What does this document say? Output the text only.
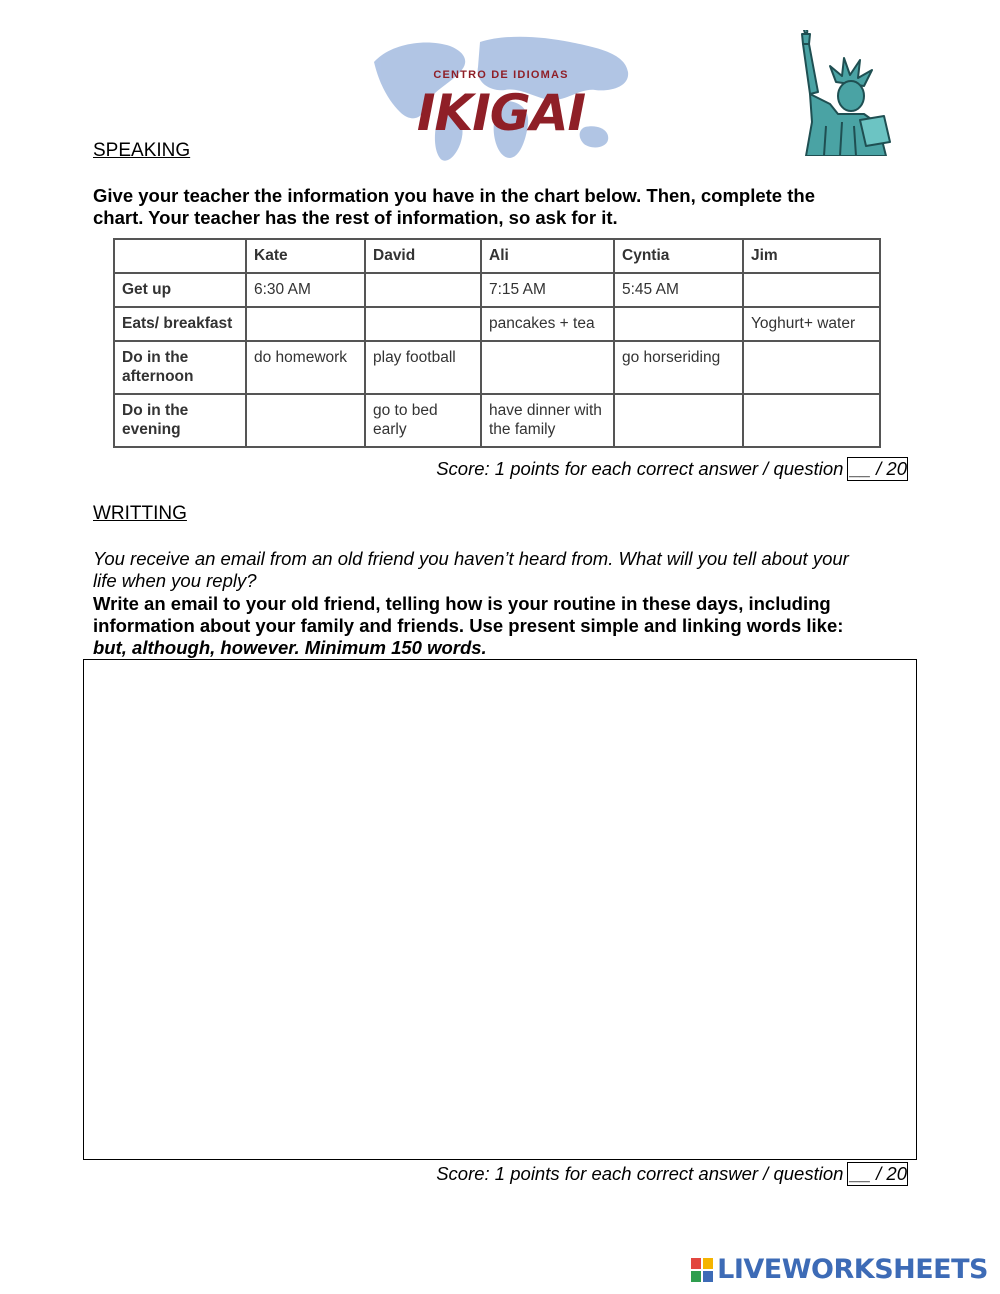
CENTRO DE IDIOMAS
IKIGAI
SPEAKING
Give your teacher the information you have in the chart below. Then, complete the
chart. Your teacher has the rest of information, so ask for it.
	Kate	David	Ali	Cyntia	Jim
Get up	6:30 AM		7:15 AM	5:45 AM	
Eats/ breakfast			pancakes + tea		Yoghurt+ water
Do in the afternoon	do homework	play football		go horseriding	
Do in the evening		go to bed early	have dinner with the family		
Score: 1 points for each correct answer / question __ / 20
WRITTING
You receive an email from an old friend you haven’t heard from. What will you tell about your
life when you reply?
Write an email to your old friend, telling how is your routine in these days, including
information about your family and friends. Use present simple and linking words like:
but, although, however. Minimum 150 words.
Score: 1 points for each correct answer / question __ / 20
LIVEWORKSHEETS
